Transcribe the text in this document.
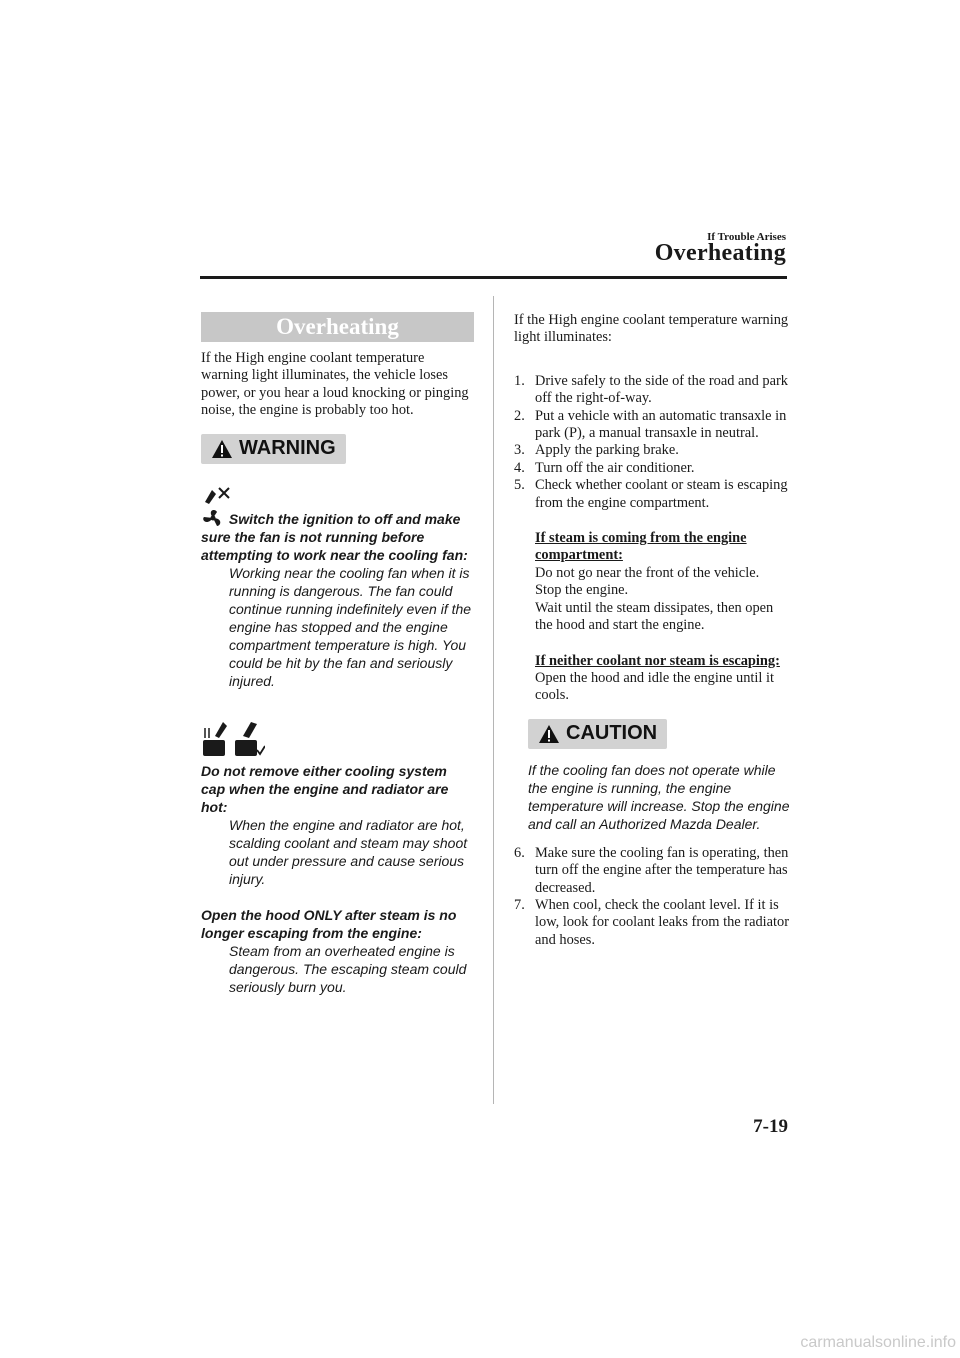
If Trouble Arises
Overheating
Overheating

If the High engine coolant temperature warning light illuminates, the vehicle loses power, or you hear a loud knocking or pinging noise, the engine is probably too hot.

WARNING
Switch the ignition to off and make sure the fan is not running before attempting to work near the cooling fan:

Working near the cooling fan when it is running is dangerous. The fan could continue running indefinitely even if the engine has stopped and the engine compartment temperature is high. You could be hit by the fan and seriously injured.

Do not remove either cooling system cap when the engine and radiator are hot:

When the engine and radiator are hot, scalding coolant and steam may shoot out under pressure and cause serious injury.

Open the hood ONLY after steam is no longer escaping from the engine:

Steam from an overheated engine is dangerous. The escaping steam could seriously burn you.

If the High engine coolant temperature warning light illuminates:

1. Drive safely to the side of the road and park off the right-of-way.
2. Put a vehicle with an automatic transaxle in park (P), a manual transaxle in neutral.
3. Apply the parking brake.
4. Turn off the air conditioner.
5. Check whether coolant or steam is escaping from the engine compartment.
If steam is coming from the engine compartment:
Do not go near the front of the vehicle.
Stop the engine.
Wait until the steam dissipates, then open the hood and start the engine.
If neither coolant nor steam is escaping:
Open the hood and idle the engine until it cools.
CAUTION

If the cooling fan does not operate while the engine is running, the engine temperature will increase. Stop the engine and call an Authorized Mazda Dealer.

6. Make sure the cooling fan is operating, then turn off the engine after the temperature has decreased.
7. When cool, check the coolant level. If it is low, look for coolant leaks from the radiator and hoses.
7-19
carmanualsonline.info
